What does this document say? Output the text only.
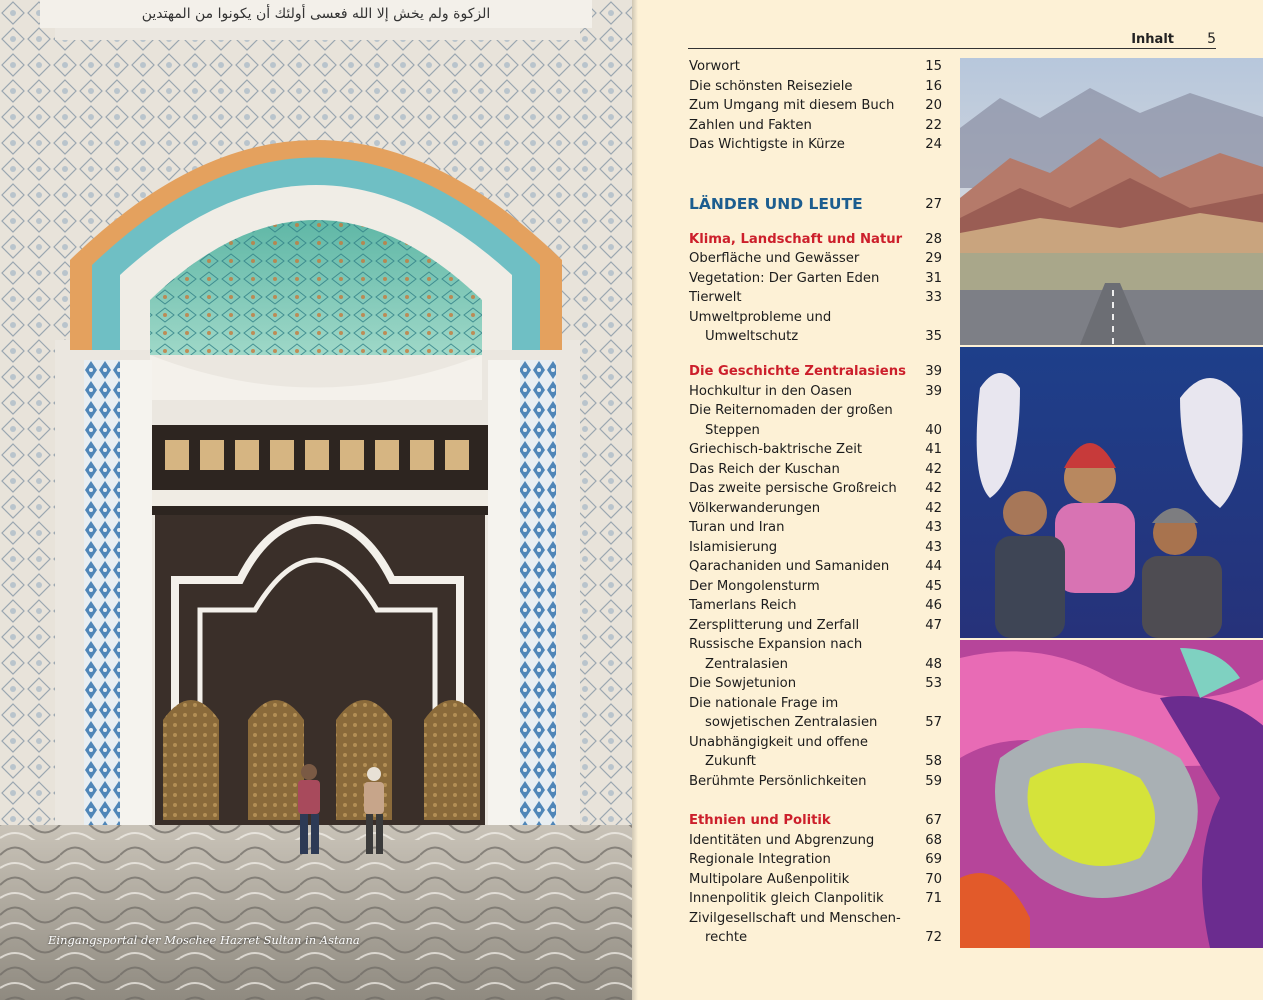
الزكوة ولم يخش إلا الله فعسى أولئك أن يكونوا من المهتدين
Eingangsportal der Moschee Hazret Sultan in Astana
Inhalt 5
Vorwort	15
Die schönsten Reiseziele	16
Zum Umgang mit diesem Buch 20
Zahlen und Fakten	22
Das Wichtigste in Kürze	24
LÄNDER UND LEUTE	27
Klima, Landschaft und Natur 28
Oberfläche und Gewässer	29
Vegetation: Der Garten Eden	31
Tierwelt	33
Umweltprobleme und
Umweltschutz	35
Die Geschichte Zentralasiens 39
Hochkultur in den Oasen	39
Die Reiternomaden der großen
Steppen	40
Griechisch-baktrische Zeit	41
Das Reich der Kuschan	42
Das zweite persische Großreich 42
Völkerwanderungen	42
Turan und Iran	43
Islamisierung	43
Qarachaniden und Samaniden	44
Der Mongolensturm	45
Tamerlans Reich	46
Zersplitterung und Zerfall	47
Russische Expansion nach
Zentralasien	48
Die Sowjetunion	53
Die nationale Frage im
sowjetischen Zentralasien	57
Unabhängigkeit und offene
Zukunft	58
Berühmte Persönlichkeiten	59
Ethnien und Politik	67
Identitäten und Abgrenzung	68
Regionale Integration	69
Multipolare Außenpolitik	70
Innenpolitik gleich Clanpolitik	71
Zivilgesellschaft und Menschen-
rechte	72
